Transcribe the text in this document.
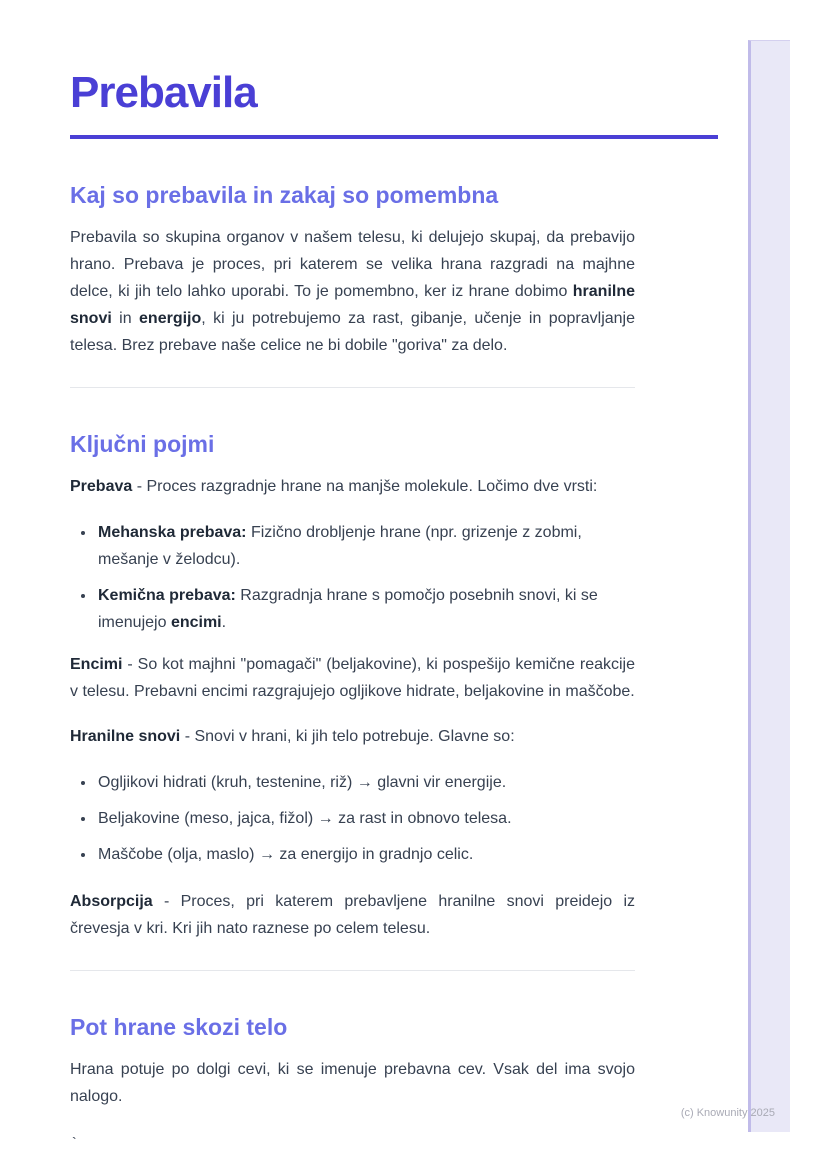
Prebavila
Kaj so prebavila in zakaj so pomembna

Prebavila so skupina organov v našem telesu, ki delujejo skupaj, da prebavijo hrano. Prebava je proces, pri katerem se velika hrana razgradi na majhne delce, ki jih telo lahko uporabi. To je pomembno, ker iz hrane dobimo hranilne snovi in energijo, ki ju potrebujemo za rast, gibanje, učenje in popravljanje telesa. Brez prebave naše celice ne bi dobile "goriva" za delo.

Ključni pojmi

Prebava - Proces razgradnje hrane na manjše molekule. Ločimo dve vrsti:

• Mehanska prebava: Fizično drobljenje hrane (npr. grizenje z zobmi, mešanje v želodcu).
• Kemična prebava: Razgradnja hrane s pomočjo posebnih snovi, ki se imenujejo encimi.

Encimi - So kot majhni "pomagači" (beljakovine), ki pospešijo kemične reakcije v telesu. Prebavni encimi razgrajujejo ogljikove hidrate, beljakovine in maščobe.

Hranilne snovi - Snovi v hrani, ki jih telo potrebuje. Glavne so:

• Ogljikovi hidrati (kruh, testenine, riž) → glavni vir energije.
• Beljakovine (meso, jajca, fižol) → za rast in obnovo telesa.
• Maščobe (olja, maslo) → za energijo in gradnjo celic.

Absorpcija - Proces, pri katerem prebavljene hranilne snovi preidejo iz črevesja v kri. Kri jih nato raznese po celem telesu.

Pot hrane skozi telo

Hrana potuje po dolgi cevi, ki se imenuje prebavna cev. Vsak del ima svojo nalogo.

`

(c) Knowunity 2025
